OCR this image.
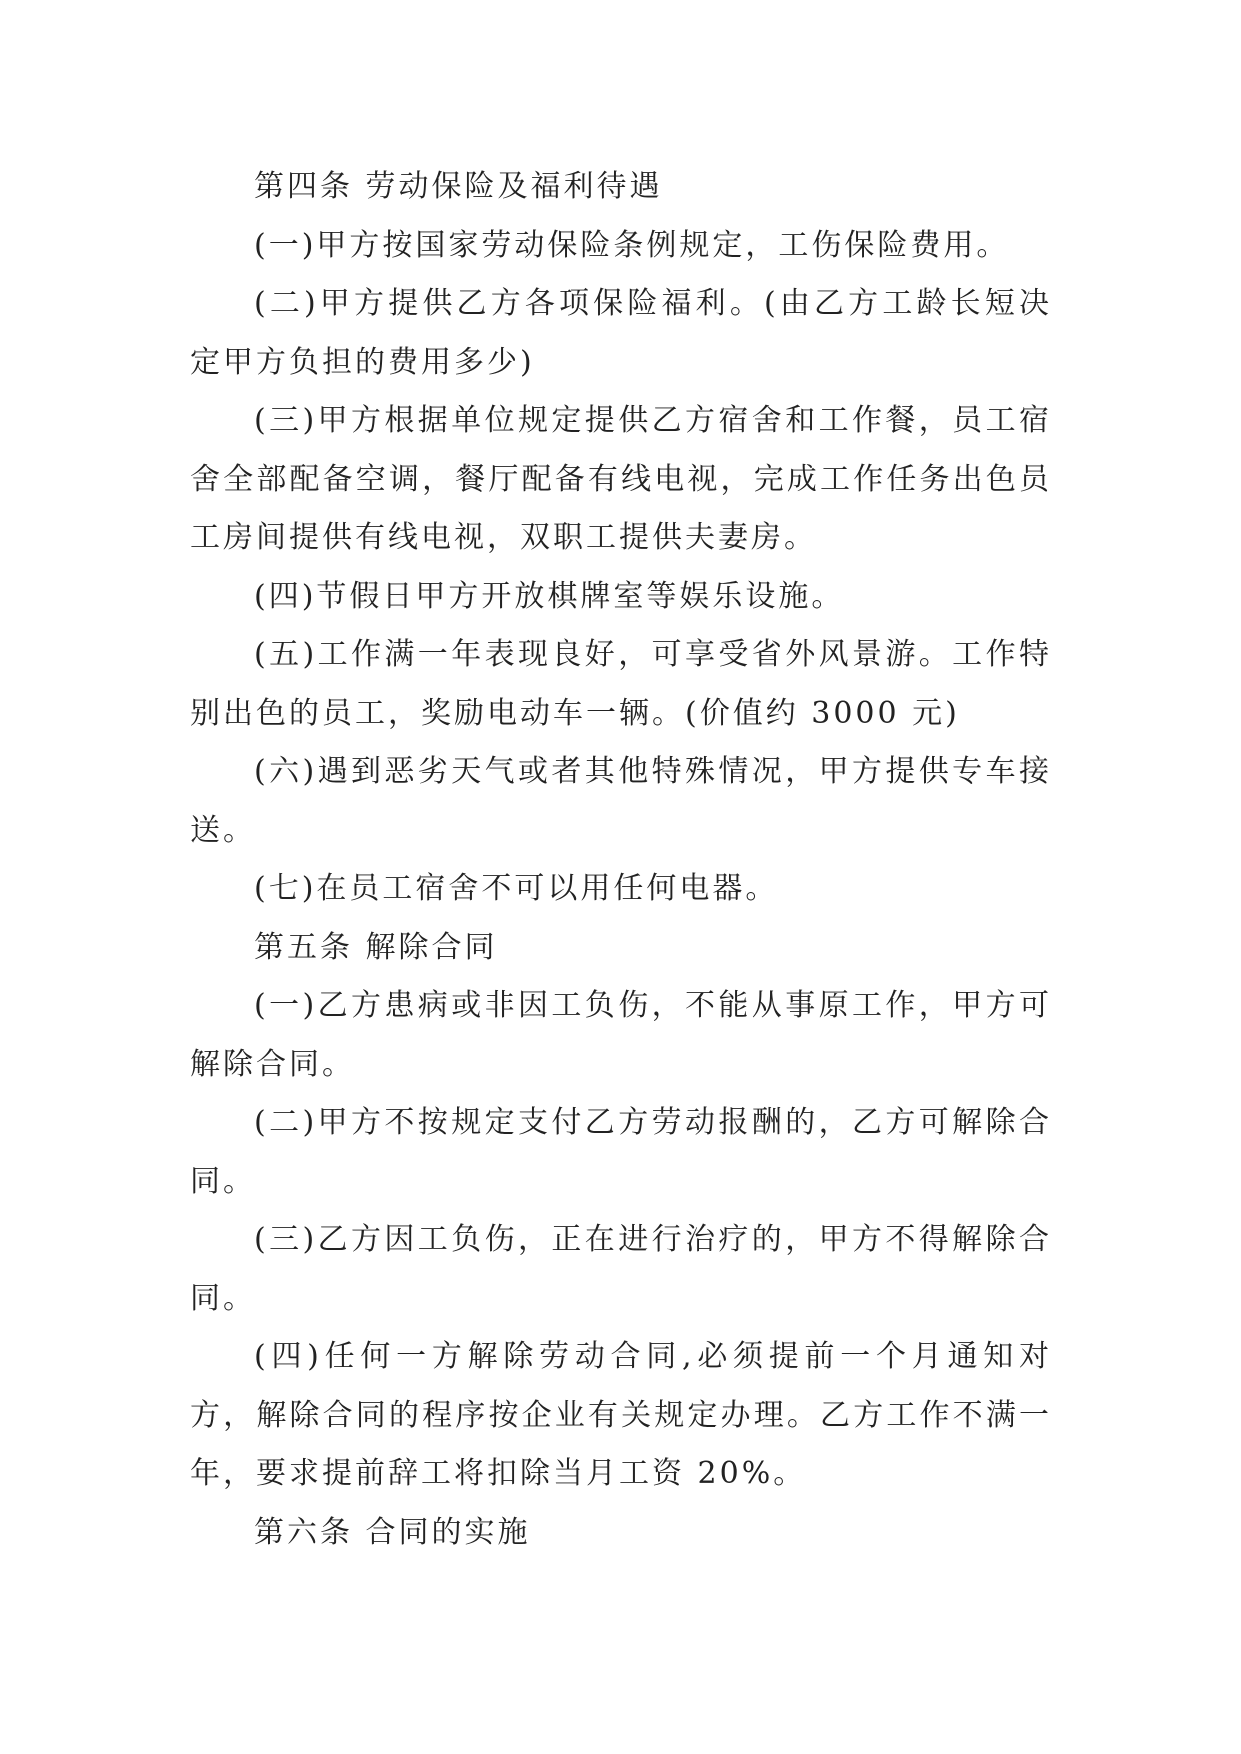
第四条 劳动保险及福利待遇

(一)甲方按国家劳动保险条例规定，工伤保险费用。

(二)甲方提供乙方各项保险福利。(由乙方工龄长短决定甲方负担的费用多少)

(三)甲方根据单位规定提供乙方宿舍和工作餐，员工宿舍全部配备空调，餐厅配备有线电视，完成工作任务出色员工房间提供有线电视，双职工提供夫妻房。

(四)节假日甲方开放棋牌室等娱乐设施。

(五)工作满一年表现良好，可享受省外风景游。工作特别出色的员工，奖励电动车一辆。(价值约 3000 元)

(六)遇到恶劣天气或者其他特殊情况，甲方提供专车接送。

(七)在员工宿舍不可以用任何电器。

第五条 解除合同

(一)乙方患病或非因工负伤，不能从事原工作，甲方可解除合同。

(二)甲方不按规定支付乙方劳动报酬的，乙方可解除合同。

(三)乙方因工负伤，正在进行治疗的，甲方不得解除合同。

(四)任何一方解除劳动合同,必须提前一个月通知对方，解除合同的程序按企业有关规定办理。乙方工作不满一年，要求提前辞工将扣除当月工资 20%。

第六条 合同的实施
